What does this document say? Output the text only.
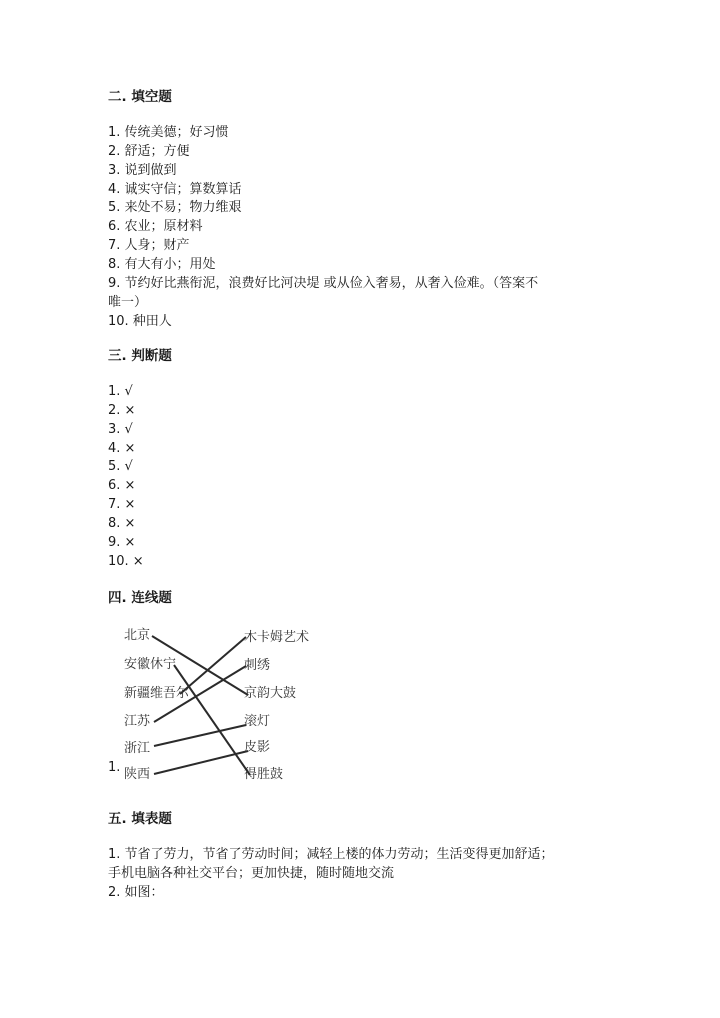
二. 填空题
1. 传统美德；好习惯
2. 舒适；方便
3. 说到做到
4. 诚实守信；算数算话
5. 来处不易；物力维艰
6. 农业；原材料
7. 人身；财产
8. 有大有小；用处
9. 节约好比燕衔泥，浪费好比河决堤 或从俭入奢易，从奢入俭难。（答案不
唯一）
10. 种田人
三. 判断题
1. √
2. ×
3. √
4. ×
5. √
6. ×
7. ×
8. ×
9. ×
10. ×
四. 连线题
北京
安徽休宁
新疆维吾尔
江苏
浙江
陕西
木卡姆艺术
刺绣
京韵大鼓
滚灯
皮影
得胜鼓
1.
五. 填表题
1. 节省了劳力，节省了劳动时间；减轻上楼的体力劳动；生活变得更加舒适；
手机电脑各种社交平台；更加快捷，随时随地交流
2. 如图：
